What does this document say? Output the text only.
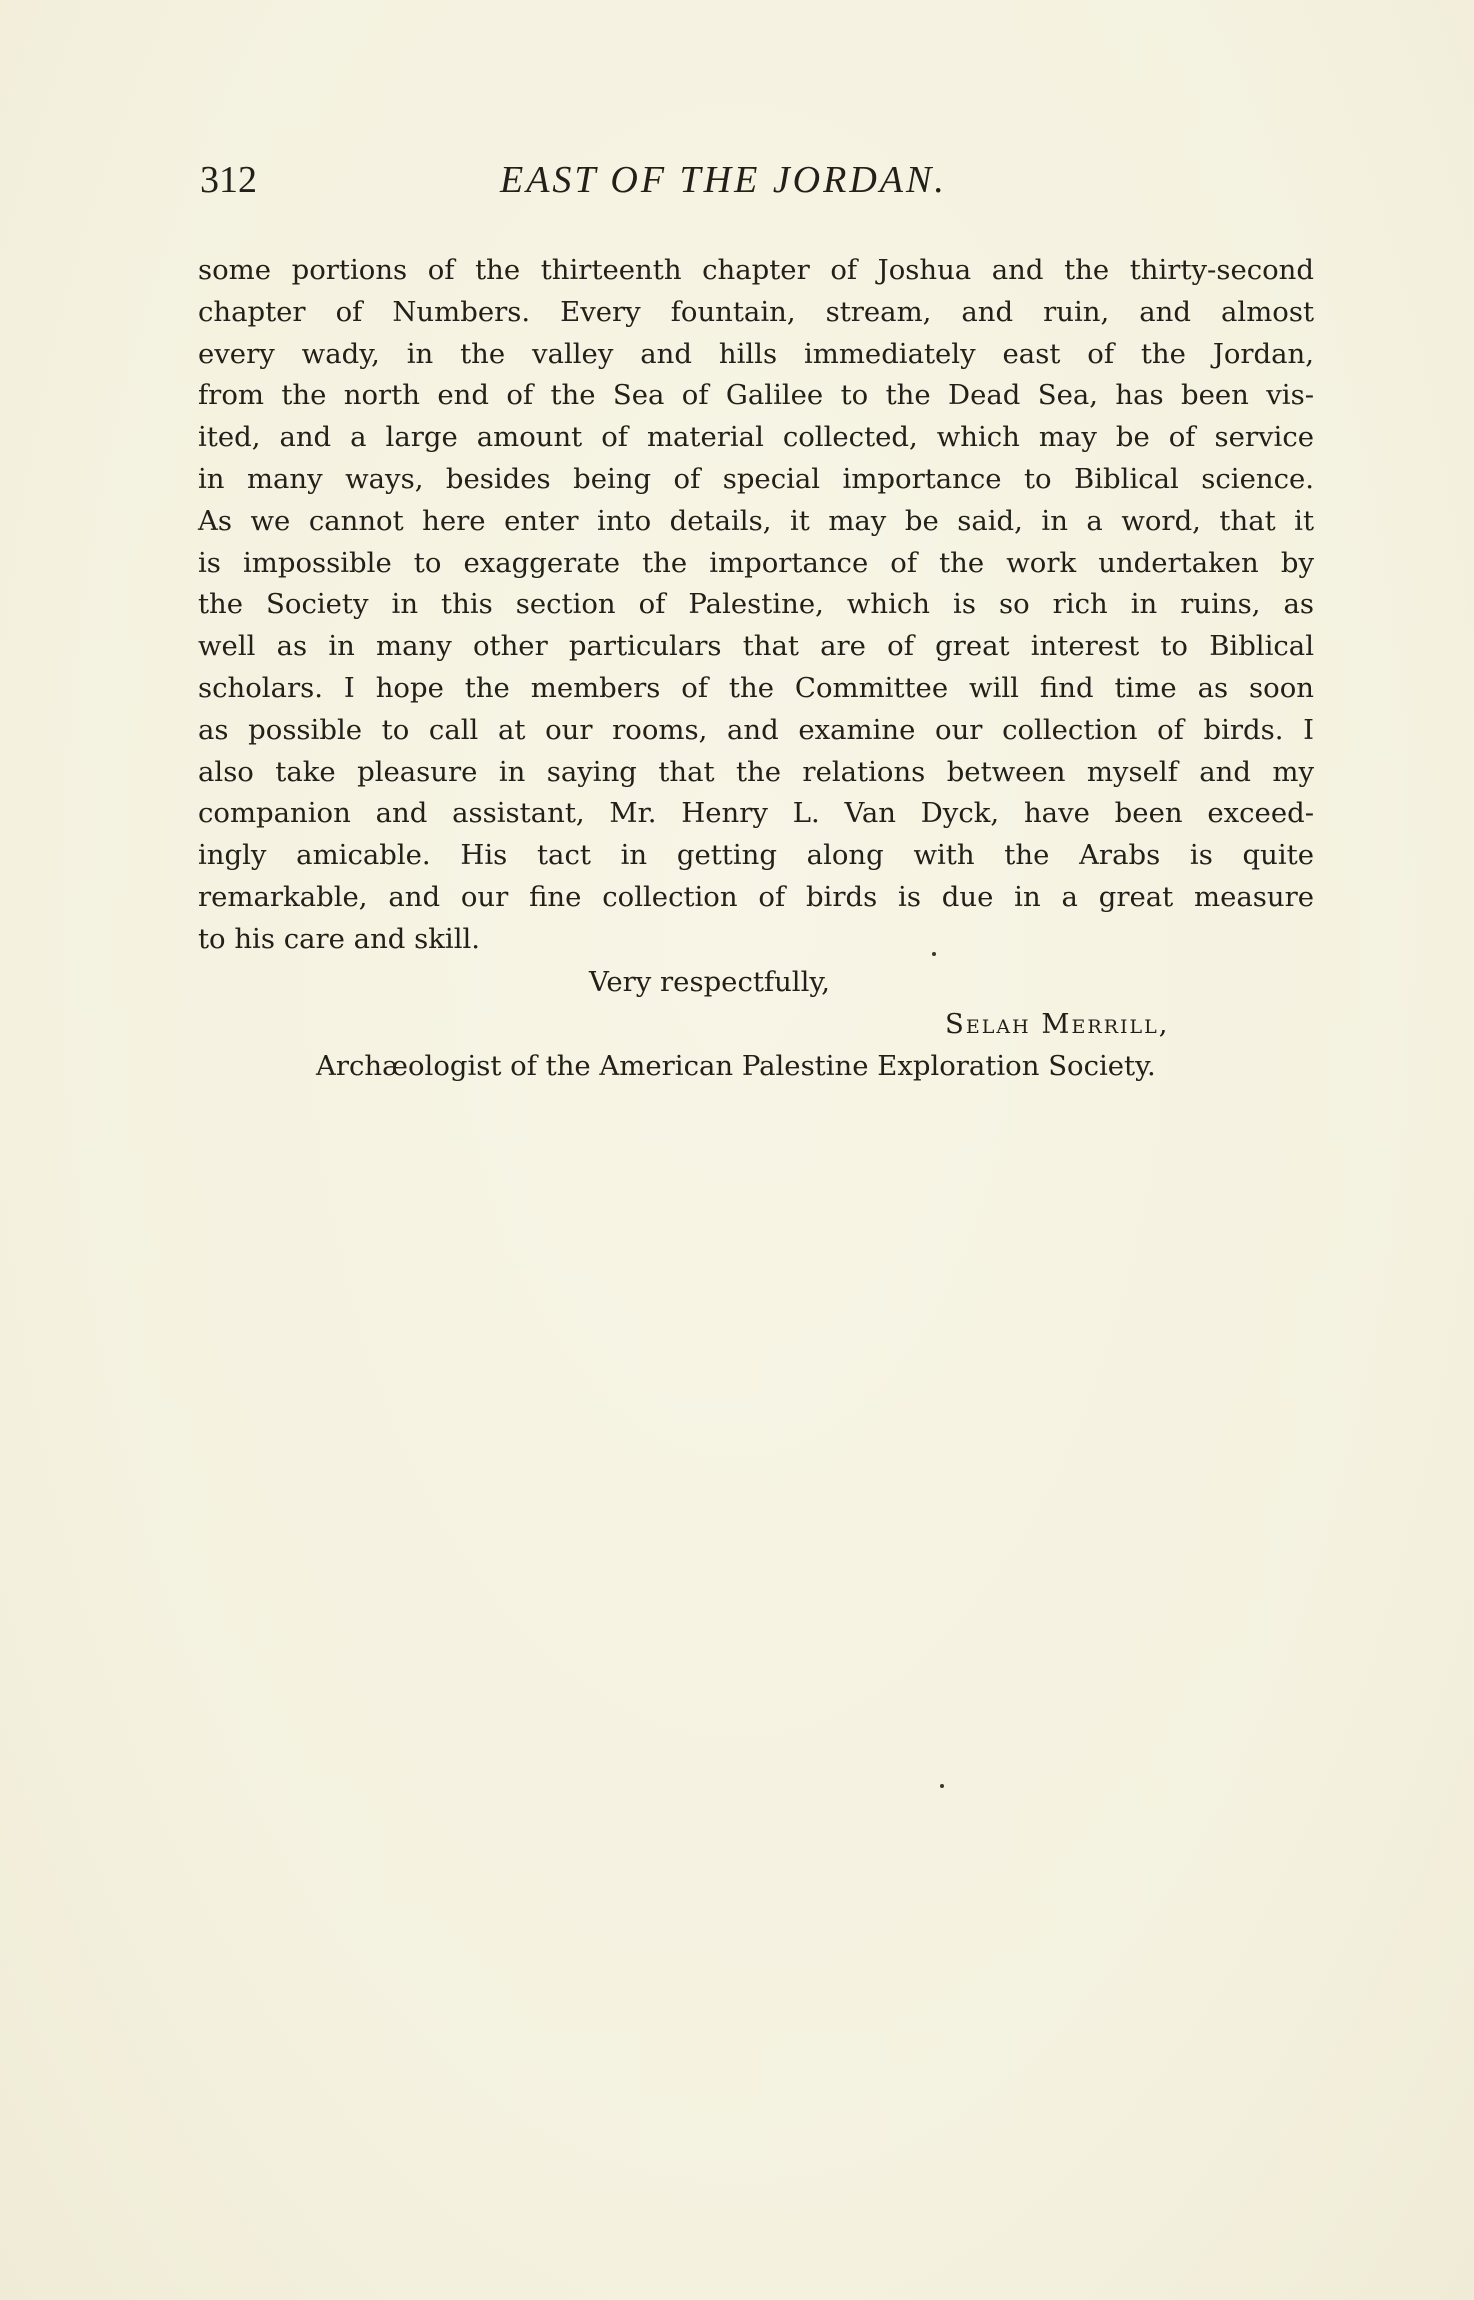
312	EAST OF THE JORDAN.
some portions of the thirteenth chapter of Joshua and the thirty-second
chapter of Numbers. Every fountain, stream, and ruin, and almost
every wady, in the valley and hills immediately east of the Jordan,
from the north end of the Sea of Galilee to the Dead Sea, has been vis-
ited, and a large amount of material collected, which may be of service
in many ways, besides being of special importance to Biblical science.
As we cannot here enter into details, it may be said, in a word, that it
is impossible to exaggerate the importance of the work undertaken by
the Society in this section of Palestine, which is so rich in ruins, as
well as in many other particulars that are of great interest to Biblical
scholars. I hope the members of the Committee will find time as soon
as possible to call at our rooms, and examine our collection of birds. I
also take pleasure in saying that the relations between myself and my
companion and assistant, Mr. Henry L. Van Dyck, have been exceed-
ingly amicable. His tact in getting along with the Arabs is quite
remarkable, and our fine collection of birds is due in a great measure
to his care and skill.
Very respectfully,
Selah Merrill,
Archæologist of the American Palestine Exploration Society.
